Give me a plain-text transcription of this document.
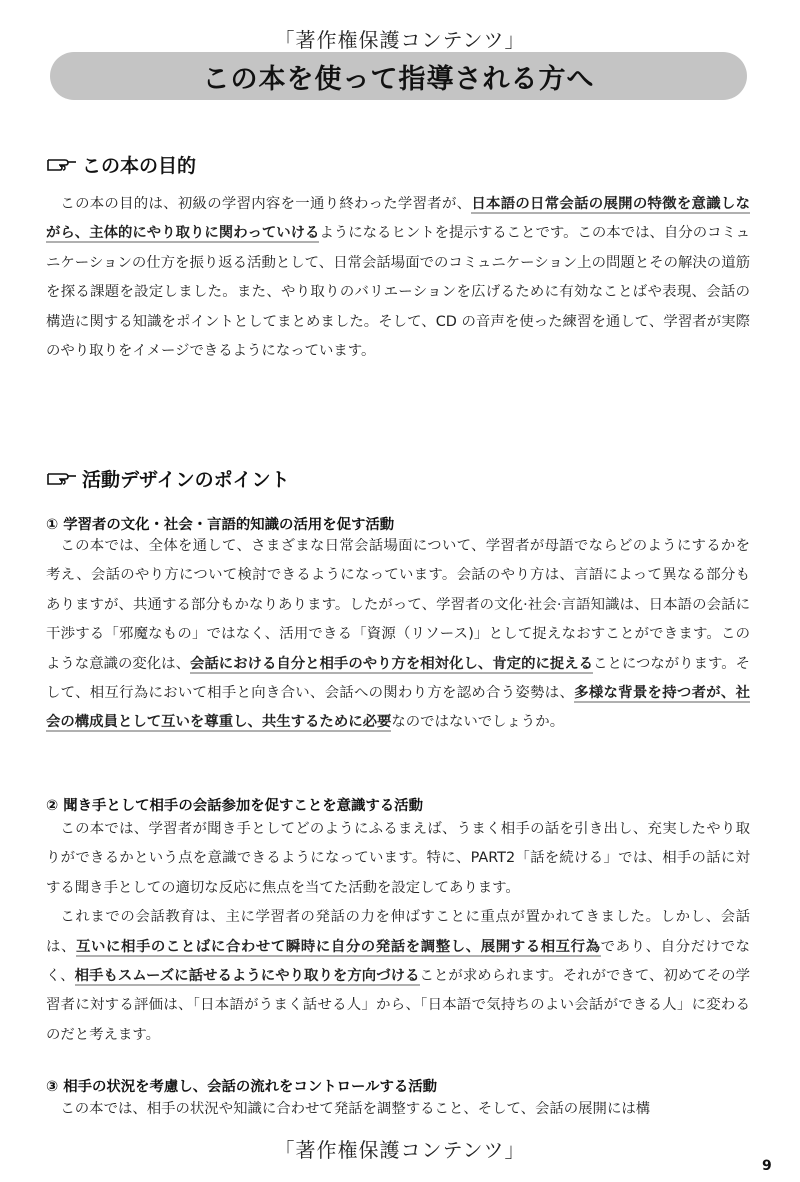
「著作権保護コンテンツ」
この本を使って指導される方へ
この本の目的

この本の目的は、初級の学習内容を一通り終わった学習者が、日本語の日常会話の展開の特徴を意識しながら、主体的にやり取りに関わっていけるようになるヒントを提示することです。この本では、自分のコミュニケーションの仕方を振り返る活動として、日常会話場面でのコミュニケーション上の問題とその解決の道筋を探る課題を設定しました。また、やり取りのバリエーションを広げるために有効なことばや表現、会話の構造に関する知識をポイントとしてまとめました。そして、CD の音声を使った練習を通して、学習者が実際のやり取りをイメージできるようになっています。

活動デザインのポイント
① 学習者の文化・社会・言語的知識の活用を促す活動

この本では、全体を通して、さまざまな日常会話場面について、学習者が母語でならどのようにするかを考え、会話のやり方について検討できるようになっています。会話のやり方は、言語によって異なる部分もありますが、共通する部分もかなりあります。したがって、学習者の文化·社会·言語知識は、日本語の会話に干渉する「邪魔なもの」ではなく、活用できる「資源（リソース)」として捉えなおすことができます。このような意識の変化は、会話における自分と相手のやり方を相対化し、肯定的に捉えることにつながります。そして、相互行為において相手と向き合い、会話への関わり方を認め合う姿勢は、多様な背景を持つ者が、社会の構成員として互いを尊重し、共生するために必要なのではないでしょうか。

② 聞き手として相手の会話参加を促すことを意識する活動

この本では、学習者が聞き手としてどのようにふるまえば、うまく相手の話を引き出し、充実したやり取りができるかという点を意識できるようになっています。特に、PART2「話を続ける」では、相手の話に対する聞き手としての適切な反応に焦点を当てた活動を設定してあります。

これまでの会話教育は、主に学習者の発話の力を伸ばすことに重点が置かれてきました。しかし、会話は、互いに相手のことばに合わせて瞬時に自分の発話を調整し、展開する相互行為であり、自分だけでなく、相手もスムーズに話せるようにやり取りを方向づけることが求められます。それができて、初めてその学習者に対する評価は、「日本語がうまく話せる人」から、「日本語で気持ちのよい会話ができる人」に変わるのだと考えます。

③ 相手の状況を考慮し、会話の流れをコントロールする活動

この本では、相手の状況や知識に合わせて発話を調整すること、そして、会話の展開には構

「著作権保護コンテンツ」
9
